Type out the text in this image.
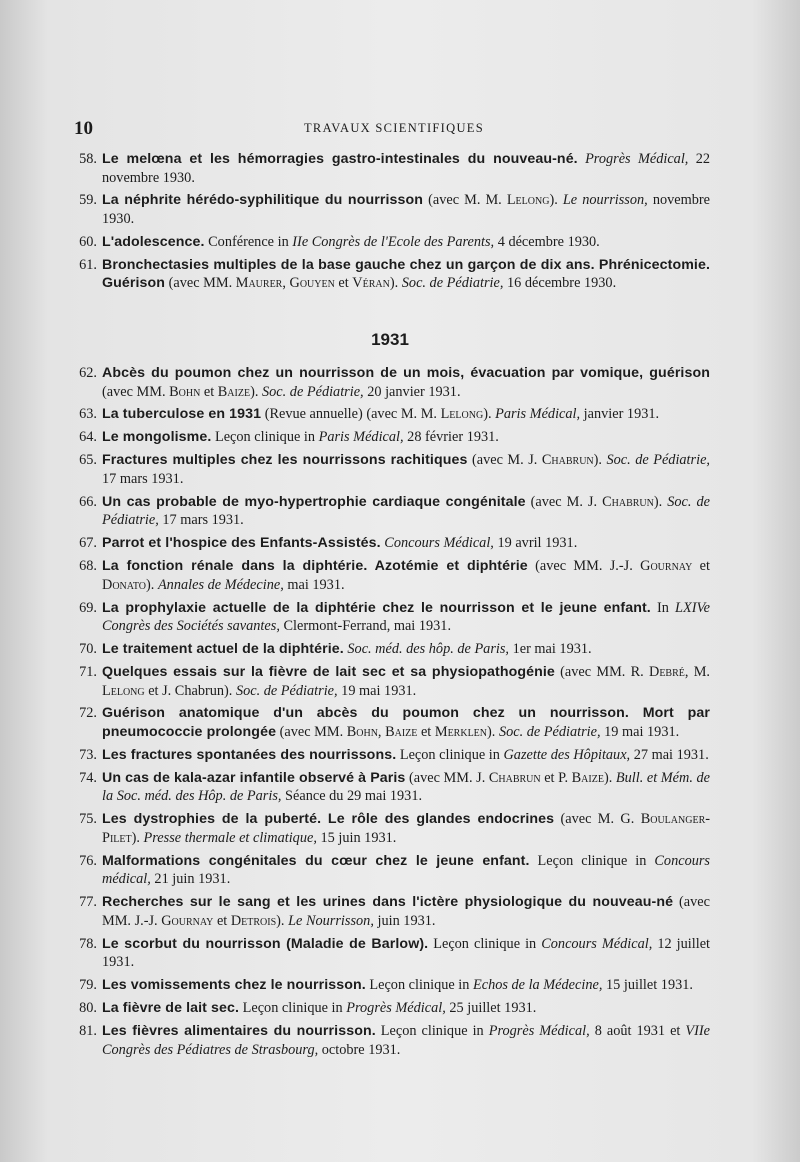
10	TRAVAUX SCIENTIFIQUES
58. Le melœna et les hémorragies gastro-intestinales du nouveau-né. Progrès Médical, 22 novembre 1930.
59. La néphrite hérédo-syphilitique du nourrisson (avec M. M. Lelong). Le nourrisson, novembre 1930.
60. L'adolescence. Conférence in IIe Congrès de l'Ecole des Parents, 4 décembre 1930.
61. Bronchectasies multiples de la base gauche chez un garçon de dix ans. Phrénicectomie. Guérison (avec MM. Maurer, Gouyen et Véran). Soc. de Pédiatrie, 16 décembre 1930.
1931
62. Abcès du poumon chez un nourrisson de un mois, évacuation par vomique, guérison (avec MM. Bohn et Baize). Soc. de Pédiatrie, 20 janvier 1931.
63. La tuberculose en 1931 (Revue annuelle) (avec M. M. Lelong). Paris Médical, janvier 1931.
64. Le mongolisme. Leçon clinique in Paris Médical, 28 février 1931.
65. Fractures multiples chez les nourrissons rachitiques (avec M. J. Chabrun). Soc. de Pédiatrie, 17 mars 1931.
66. Un cas probable de myo-hypertrophie cardiaque congénitale (avec M. J. Chabrun). Soc. de Pédiatrie, 17 mars 1931.
67. Parrot et l'hospice des Enfants-Assistés. Concours Médical, 19 avril 1931.
68. La fonction rénale dans la diphtérie. Azotémie et diphtérie (avec MM. J.-J. Gournay et Donato). Annales de Médecine, mai 1931.
69. La prophylaxie actuelle de la diphtérie chez le nourrisson et le jeune enfant. In LXIVe Congrès des Sociétés savantes, Clermont-Ferrand, mai 1931.
70. Le traitement actuel de la diphtérie. Soc. méd. des hôp. de Paris, 1er mai 1931.
71. Quelques essais sur la fièvre de lait sec et sa physiopathogénie (avec MM. R. Debré, M. Lelong et J. Chabrun). Soc. de Pédiatrie, 19 mai 1931.
72. Guérison anatomique d'un abcès du poumon chez un nourrisson. Mort par pneumococcie prolongée (avec MM. Bohn, Baize et Merklen). Soc. de Pédiatrie, 19 mai 1931.
73. Les fractures spontanées des nourrissons. Leçon clinique in Gazette des Hôpitaux, 27 mai 1931.
74. Un cas de kala-azar infantile observé à Paris (avec MM. J. Chabrun et P. Baize). Bull. et Mém. de la Soc. méd. des Hôp. de Paris, Séance du 29 mai 1931.
75. Les dystrophies de la puberté. Le rôle des glandes endocrines (avec M. G. Boulanger-Pilet). Presse thermale et climatique, 15 juin 1931.
76. Malformations congénitales du cœur chez le jeune enfant. Leçon clinique in Concours médical, 21 juin 1931.
77. Recherches sur le sang et les urines dans l'ictère physiologique du nouveau-né (avec MM. J.-J. Gournay et Detrois). Le Nourrisson, juin 1931.
78. Le scorbut du nourrisson (Maladie de Barlow). Leçon clinique in Concours Médical, 12 juillet 1931.
79. Les vomissements chez le nourrisson. Leçon clinique in Echos de la Médecine, 15 juillet 1931.
80. La fièvre de lait sec. Leçon clinique in Progrès Médical, 25 juillet 1931.
81. Les fièvres alimentaires du nourrisson. Leçon clinique in Progrès Médical, 8 août 1931 et VIIe Congrès des Pédiatres de Strasbourg, octobre 1931.
